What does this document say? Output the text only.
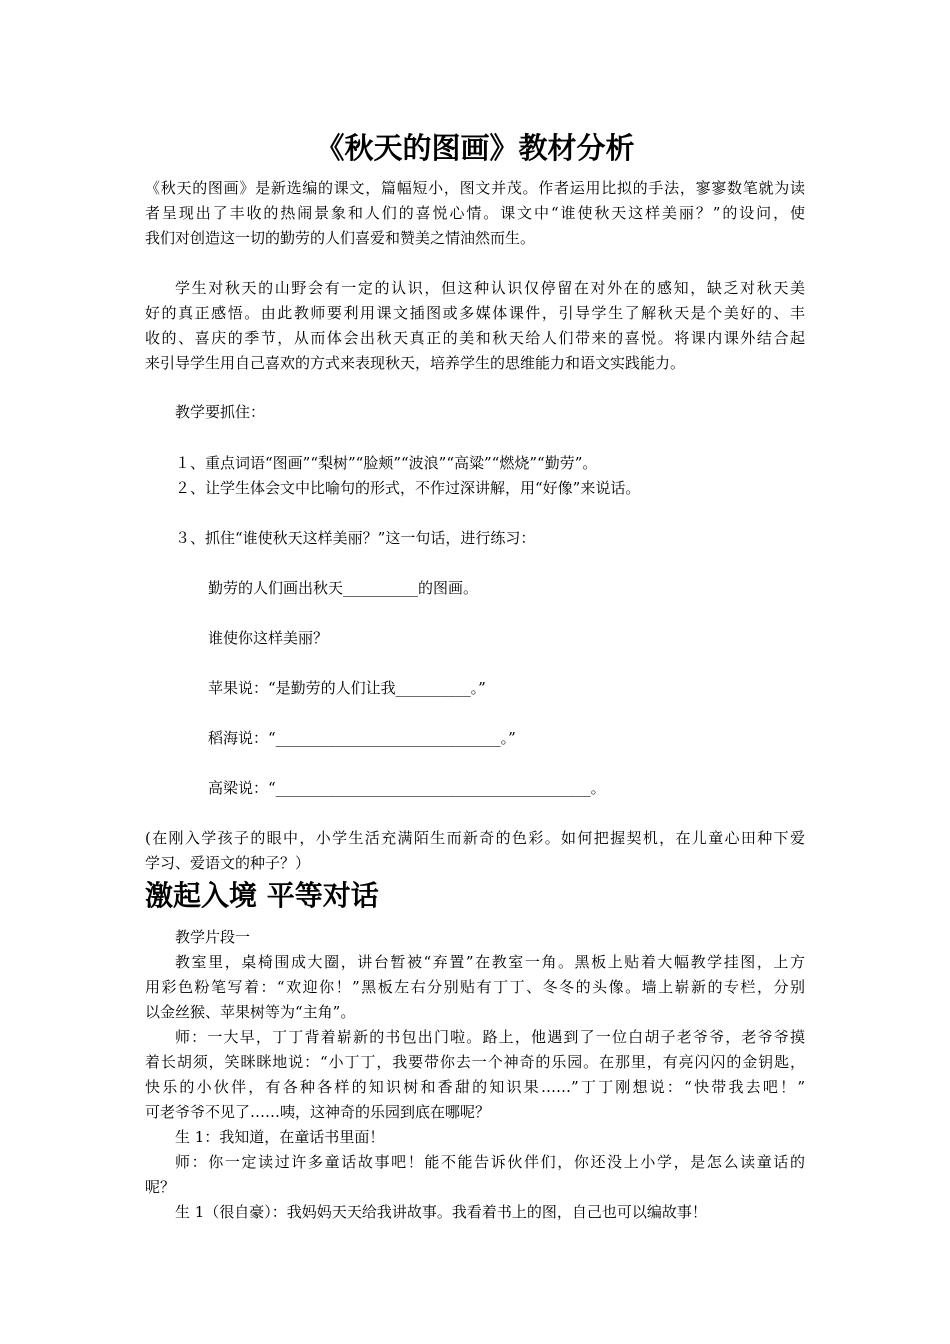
《秋天的图画》教材分析

《秋天的图画》是新选编的课文，篇幅短小，图文并茂。作者运用比拟的手法，寥寥数笔就为读

者呈现出了丰收的热闹景象和人们的喜悦心情。课文中“谁使秋天这样美丽？”的设问，使

我们对创造这一切的勤劳的人们喜爱和赞美之情油然而生。

学生对秋天的山野会有一定的认识，但这种认识仅停留在对外在的感知，缺乏对秋天美

好的真正感悟。由此教师要利用课文插图或多媒体课件，引导学生了解秋天是个美好的、丰

收的、喜庆的季节，从而体会出秋天真正的美和秋天给人们带来的喜悦。将课内课外结合起

来引导学生用自己喜欢的方式来表现秋天，培养学生的思维能力和语文实践能力。

教学要抓住：

１、重点词语“图画”“梨树”“脸颊”“波浪”“高粱”“燃烧”“勤劳”。

２、让学生体会文中比喻句的形式，不作过深讲解，用“好像”来说话。

３、抓住“谁使秋天这样美丽？”这一句话，进行练习：

勤劳的人们画出秋天__________的图画。

谁使你这样美丽？

苹果说：“是勤劳的人们让我__________。”

稻海说：“______________________________。”

高梁说：“__________________________________________。

(在刚入学孩子的眼中，小学生活充满陌生而新奇的色彩。如何把握契机，在儿童心田种下爱

学习、爱语文的种子？）

激起入境 平等对话

教学片段一

教室里，桌椅围成大圈，讲台暂被“弃置”在教室一角。黑板上贴着大幅教学挂图，上方

用彩色粉笔写着：“欢迎你！”黑板左右分别贴有丁丁、冬冬的头像。墙上崭新的专栏，分别

以金丝猴、苹果树等为“主角”。

师：一大早，丁丁背着崭新的书包出门啦。路上，他遇到了一位白胡子老爷爷，老爷爷摸

着长胡须，笑眯眯地说：“小丁丁，我要带你去一个神奇的乐园。在那里，有亮闪闪的金钥匙，

快乐的小伙伴，有各种各样的知识树和香甜的知识果……”丁丁刚想说：“快带我去吧！”

可老爷爷不见了……咦，这神奇的乐园到底在哪呢？

生 1：我知道，在童话书里面！

师：你一定读过许多童话故事吧！能不能告诉伙伴们，你还没上小学，是怎么读童话的

呢？

生 1（很自豪）：我妈妈天天给我讲故事。我看着书上的图，自己也可以编故事！
